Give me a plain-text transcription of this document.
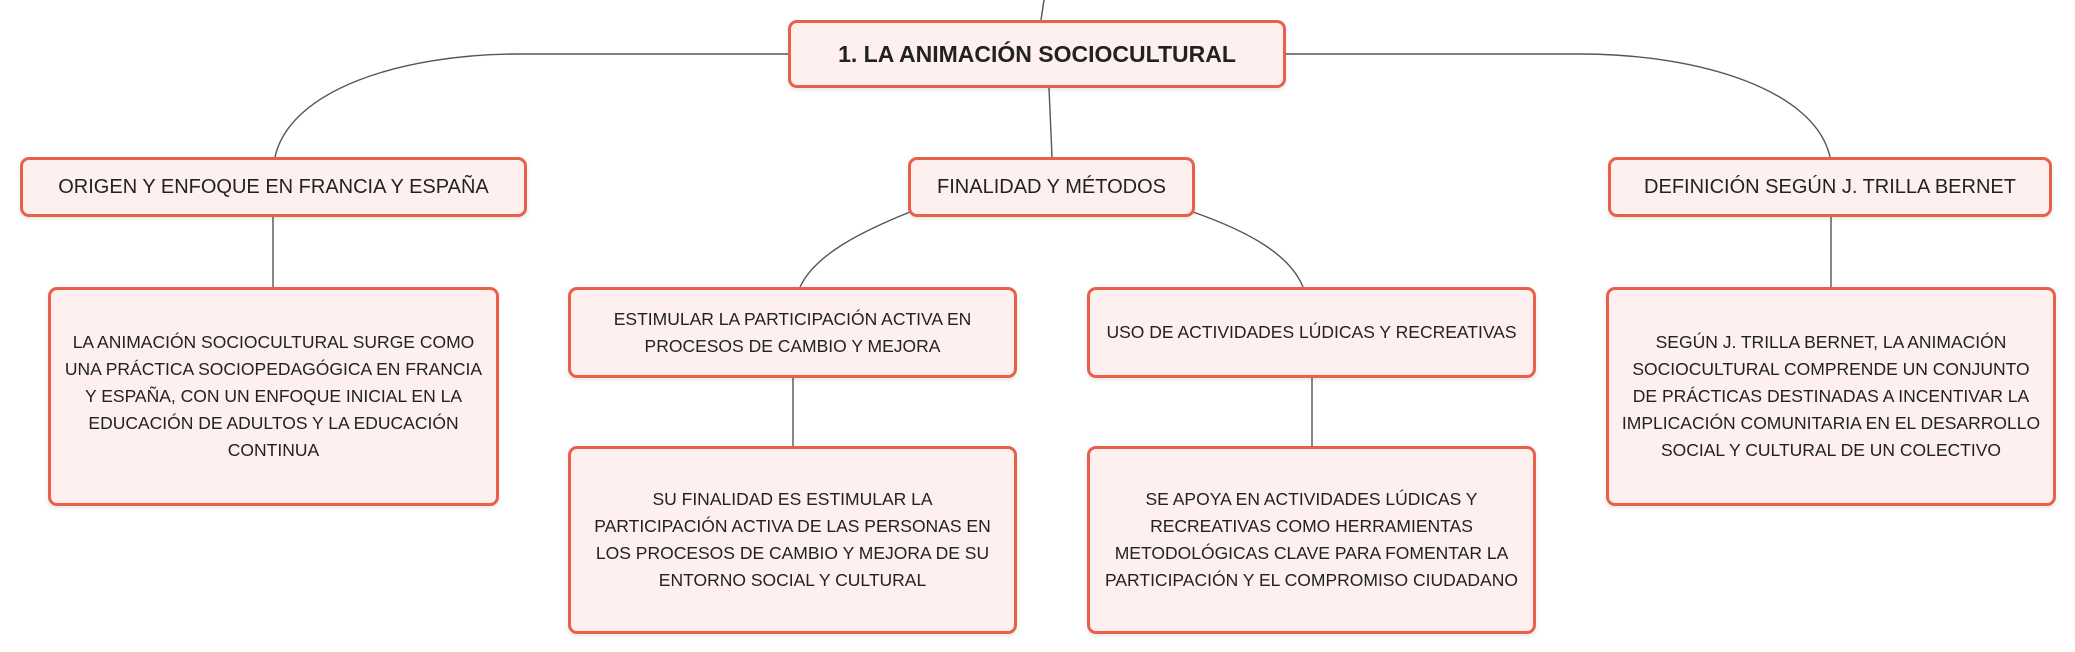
1. LA ANIMACIÓN SOCIOCULTURAL
ORIGEN Y ENFOQUE EN FRANCIA Y ESPAÑA	FINALIDAD Y MÉTODOS	DEFINICIÓN SEGÚN J. TRILLA BERNET
LA ANIMACIÓN SOCIOCULTURAL SURGE COMO UNA PRÁCTICA SOCIOPEDAGÓGICA EN FRANCIA Y ESPAÑA, CON UN ENFOQUE INICIAL EN LA EDUCACIÓN DE ADULTOS Y LA EDUCACIÓN CONTINUA
ESTIMULAR LA PARTICIPACIÓN ACTIVA EN PROCESOS DE CAMBIO Y MEJORA
USO DE ACTIVIDADES LÚDICAS Y RECREATIVAS	SEGÚN J. TRILLA BERNET, LA ANIMACIÓN SOCIOCULTURAL COMPRENDE UN CONJUNTO DE PRÁCTICAS DESTINADAS A INCENTIVAR LA IMPLICACIÓN COMUNITARIA EN EL DESARROLLO SOCIAL Y CULTURAL DE UN COLECTIVO
SU FINALIDAD ES ESTIMULAR LA PARTICIPACIÓN ACTIVA DE LAS PERSONAS EN LOS PROCESOS DE CAMBIO Y MEJORA DE SU ENTORNO SOCIAL Y CULTURAL
SE APOYA EN ACTIVIDADES LÚDICAS Y RECREATIVAS COMO HERRAMIENTAS METODOLÓGICAS CLAVE PARA FOMENTAR LA PARTICIPACIÓN Y EL COMPROMISO CIUDADANO
